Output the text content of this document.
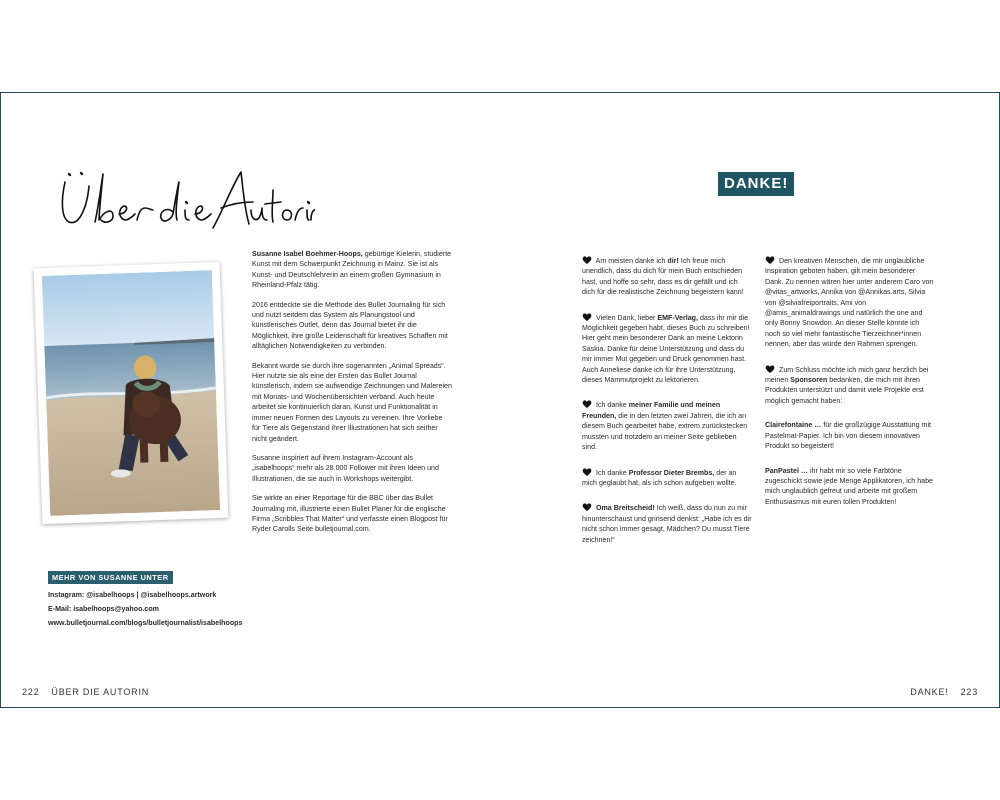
Susanne Isabel Boehmer-Hoops, gebürtige Kielerin, studierte Kunst mit dem Schwerpunkt Zeichnung in Mainz. Sie ist als Kunst- und Deutschlehrerin an einem großen Gymnasium in Rheinland-Pfalz tätig.

2016 entdeckte sie die Methode des Bullet Journaling für sich und nutzt seitdem das System als Planungstool und künstlerisches Outlet, denn das Journal bietet ihr die Möglichkeit, ihre große Leidenschaft für kreatives Schaffen mit alltäglichen Notwendigkeiten zu verbinden.

Bekannt wurde sie durch ihre sogenannten „Animal Spreads“. Hier nutzte sie als eine der Ersten das Bullet Journal künstlerisch, indem sie aufwendige Zeichnungen und Malereien mit Monats- und Wochenübersichten verband. Auch heute arbeitet sie kontinuierlich daran, Kunst und Funktionalität in immer neuen Formen des Layouts zu vereinen. Ihre Vorliebe für Tiere als Gegenstand ihrer Illustrationen hat sich seither nicht geändert.

Susanne inspiriert auf ihrem Instagram-Account als „isabelhoops“ mehr als 28.000 Follower mit ihren Ideen und Illustrationen, die sie auch in Workshops weitergibt.

Sie wirkte an einer Reportage für die BBC über das Bullet Journaling mit, illustrierte einen Bullet Planer für die englische Firma „Scribbles That Matter“ und verfasste einen Blogpost für Ryder Carolls Seite bulletjournal.com.

MEHR VON SUSANNE UNTER
Instagram: @isabelhoops | @isabelhoops.artwork
E-Mail: isabelhoops@yahoo.com
www.bulletjournal.com/blogs/bulletjournalist/isabelhoops
DANKE!
Am meisten danke ich dir! Ich freue mich unendlich, dass du dich für mein Buch entschieden hast, und hoffe so sehr, dass es dir gefällt und ich dich für die realistische Zeichnung begeistern kann!
Vielen Dank, lieber EMF-Verlag, dass ihr mir die Möglichkeit gegeben habt, dieses Buch zu schreiben! Hier geht mein besonderer Dank an meine Lektorin Saskia. Danke für deine Unterstützung und dass du mir immer Mut gegeben und Druck genommen hast. Auch Anneliese danke ich für ihre Unterstützung, dieses Mammutprojekt zu lektorieren.
Ich danke meiner Familie und meinen Freunden, die in den letzten zwei Jahren, die ich an diesem Buch gearbeitet habe, extrem zurückstecken mussten und trotzdem an meiner Seite geblieben sind.
Ich danke Professor Dieter Brembs, der an mich geglaubt hat, als ich schon aufgeben wollte.
Oma Breitscheid! Ich weiß, dass du nun zu mir hinunterschaust und grinsend denkst: „Habe ich es dir nicht schon immer gesagt, Mädchen? Du musst Tiere zeichnen!“
Den kreativen Menschen, die mir unglaubliche Inspiration geboten haben, gilt mein besonderer Dank. Zu nennen wären hier unter anderem Caro von @vitas_artworks, Annika von @Annikas.arts, Silvia von @silviafreiportraits, Ami von @amis_animaldrawings und natürlich the one and only Bonny Snowdon. An dieser Stelle könnte ich noch so viel mehr fantastische Tierzeichner*innen nennen, aber das würde den Rahmen sprengen.
Zum Schluss möchte ich mich ganz herzlich bei meinen Sponsoren bedanken, die mich mit ihren Produkten unterstützt und damit viele Projekte erst möglich gemacht haben:
Clairefontaine … für die großzügige Ausstattung mit Pastelmat-Papier. Ich bin von diesem innovativen Produkt so begeistert!
PanPastel … ihr habt mir so viele Farbtöne zugeschickt sowie jede Menge Applikatoren, ich habe mich unglaublich gefreut und arbeite mit großem Enthusiasmus mit euren tollen Produkten!
222 ÜBER DIE AUTORIN	DANKE! 223
